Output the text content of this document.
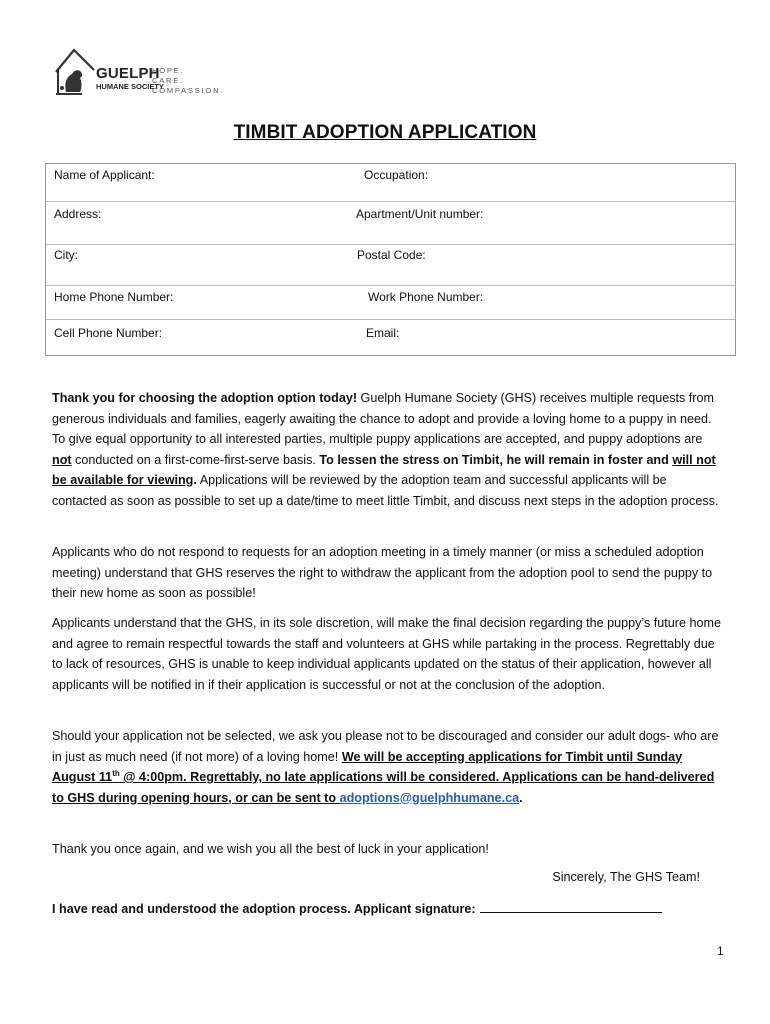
GUELPH
HUMANE SOCIETY
HOPE.
CARE.
COMPASSION.
TIMBIT ADOPTION APPLICATION
Name of Applicant:	Occupation:
Address:	Apartment/Unit number:
City:	Postal Code:
Home Phone Number:	Work Phone Number:
Cell Phone Number:	Email:

Thank you for choosing the adoption option today! Guelph Humane Society (GHS) receives multiple requests from generous individuals and families, eagerly awaiting the chance to adopt and provide a loving home to a puppy in need. To give equal opportunity to all interested parties, multiple puppy applications are accepted, and puppy adoptions are not conducted on a first-come-first-serve basis. To lessen the stress on Timbit, he will remain in foster and will not be available for viewing. Applications will be reviewed by the adoption team and successful applicants will be contacted as soon as possible to set up a date/time to meet little Timbit, and discuss next steps in the adoption process.

Applicants who do not respond to requests for an adoption meeting in a timely manner (or miss a scheduled adoption meeting) understand that GHS reserves the right to withdraw the applicant from the adoption pool to send the puppy to their new home as soon as possible!

Applicants understand that the GHS, in its sole discretion, will make the final decision regarding the puppy’s future home and agree to remain respectful towards the staff and volunteers at GHS while partaking in the process. Regrettably due to lack of resources, GHS is unable to keep individual applicants updated on the status of their application, however all applicants will be notified in if their application is successful or not at the conclusion of the adoption.

Should your application not be selected, we ask you please not to be discouraged and consider our adult dogs- who are in just as much need (if not more) of a loving home! We will be accepting applications for Timbit until Sunday August 11th @ 4:00pm. Regrettably, no late applications will be considered. Applications can be hand-delivered to GHS during opening hours, or can be sent to adoptions@guelphhumane.ca.

Thank you once again, and we wish you all the best of luck in your application!

Sincerely, The GHS Team!
I have read and understood the adoption process. Applicant signature:
1
